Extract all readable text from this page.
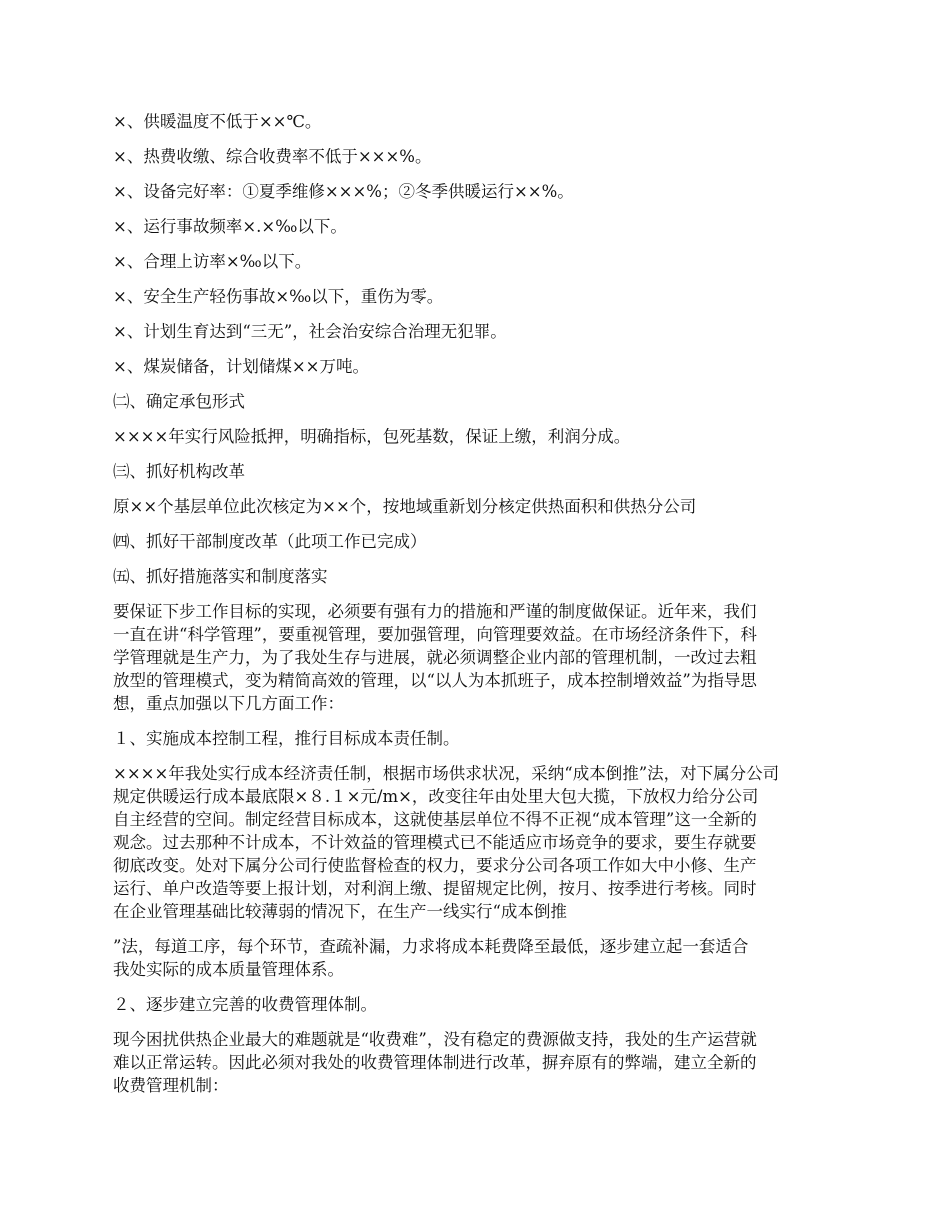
×、供暖温度不低于××℃。

×、热费收缴、综合收费率不低于×××%。

×、设备完好率：①夏季维修×××%；②冬季供暖运行××%。

×、运行事故频率×.×‰以下。

×、合理上访率×‰以下。

×、安全生产轻伤事故×‰以下，重伤为零。

×、计划生育达到“三无”，社会治安综合治理无犯罪。

×、煤炭储备，计划储煤××万吨。

㈡、确定承包形式

××××年实行风险抵押，明确指标，包死基数，保证上缴，利润分成。

㈢、抓好机构改革

原××个基层单位此次核定为××个，按地域重新划分核定供热面积和供热分公司

㈣、抓好干部制度改革（此项工作已完成）

㈤、抓好措施落实和制度落实

要保证下步工作目标的实现，必须要有强有力的措施和严谨的制度做保证。近年来，我们
一直在讲“科学管理”，要重视管理，要加强管理，向管理要效益。在市场经济条件下，科
学管理就是生产力，为了我处生存与进展，就必须调整企业内部的管理机制，一改过去粗
放型的管理模式，变为精简高效的管理，以“以人为本抓班子，成本控制增效益”为指导思
想，重点加强以下几方面工作：

１、实施成本控制工程，推行目标成本责任制。

××××年我处实行成本经济责任制，根据市场供求状况，采纳“成本倒推”法，对下属分公司
规定供暖运行成本最底限×８.１×元/m×，改变往年由处里大包大揽，下放权力给分公司
自主经营的空间。制定经营目标成本，这就使基层单位不得不正视“成本管理”这一全新的
观念。过去那种不计成本，不计效益的管理模式已不能适应市场竞争的要求，要生存就要
彻底改变。处对下属分公司行使监督检查的权力，要求分公司各项工作如大中小修、生产
运行、单户改造等要上报计划，对利润上缴、提留规定比例，按月、按季进行考核。同时
在企业管理基础比较薄弱的情况下，在生产一线实行“成本倒推
”法，每道工序，每个环节，查疏补漏，力求将成本耗费降至最低，逐步建立起一套适合
我处实际的成本质量管理体系。

２、逐步建立完善的收费管理体制。

现今困扰供热企业最大的难题就是“收费难”，没有稳定的费源做支持，我处的生产运营就
难以正常运转。因此必须对我处的收费管理体制进行改革，摒弃原有的弊端，建立全新的
收费管理机制：
